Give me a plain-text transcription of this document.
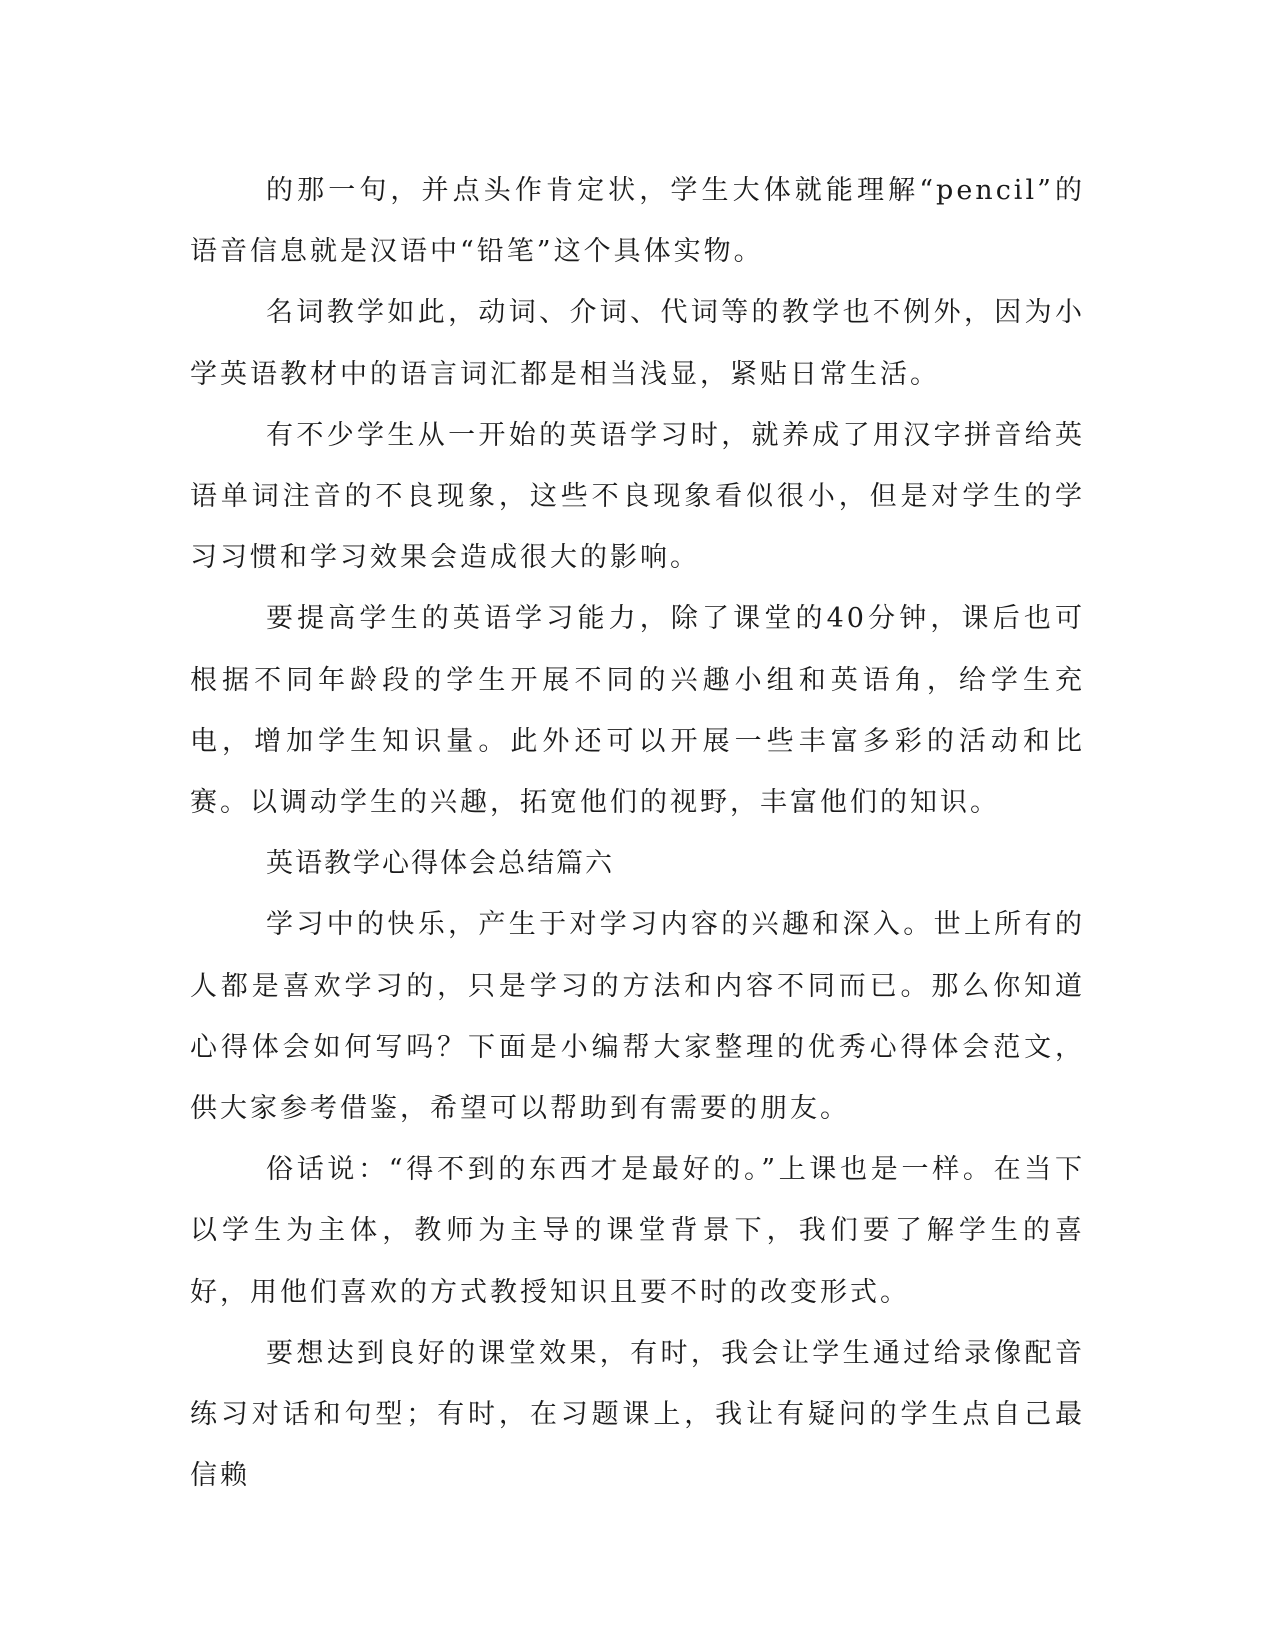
的那一句，并点头作肯定状，学生大体就能理解“pencil”的语音信息就是汉语中“铅笔”这个具体实物。

名词教学如此，动词、介词、代词等的教学也不例外，因为小学英语教材中的语言词汇都是相当浅显，紧贴日常生活。

有不少学生从一开始的英语学习时，就养成了用汉字拼音给英语单词注音的不良现象，这些不良现象看似很小，但是对学生的学习习惯和学习效果会造成很大的影响。

要提高学生的英语学习能力，除了课堂的40分钟，课后也可根据不同年龄段的学生开展不同的兴趣小组和英语角，给学生充电，增加学生知识量。此外还可以开展一些丰富多彩的活动和比赛。以调动学生的兴趣，拓宽他们的视野，丰富他们的知识。

英语教学心得体会总结篇六

学习中的快乐，产生于对学习内容的兴趣和深入。世上所有的人都是喜欢学习的，只是学习的方法和内容不同而已。那么你知道心得体会如何写吗？下面是小编帮大家整理的优秀心得体会范文，供大家参考借鉴，希望可以帮助到有需要的朋友。

俗话说：“得不到的东西才是最好的。”上课也是一样。在当下以学生为主体，教师为主导的课堂背景下，我们要了解学生的喜好，用他们喜欢的方式教授知识且要不时的改变形式。

要想达到良好的课堂效果，有时，我会让学生通过给录像配音练习对话和句型；有时，在习题课上，我让有疑问的学生点自己最信赖
